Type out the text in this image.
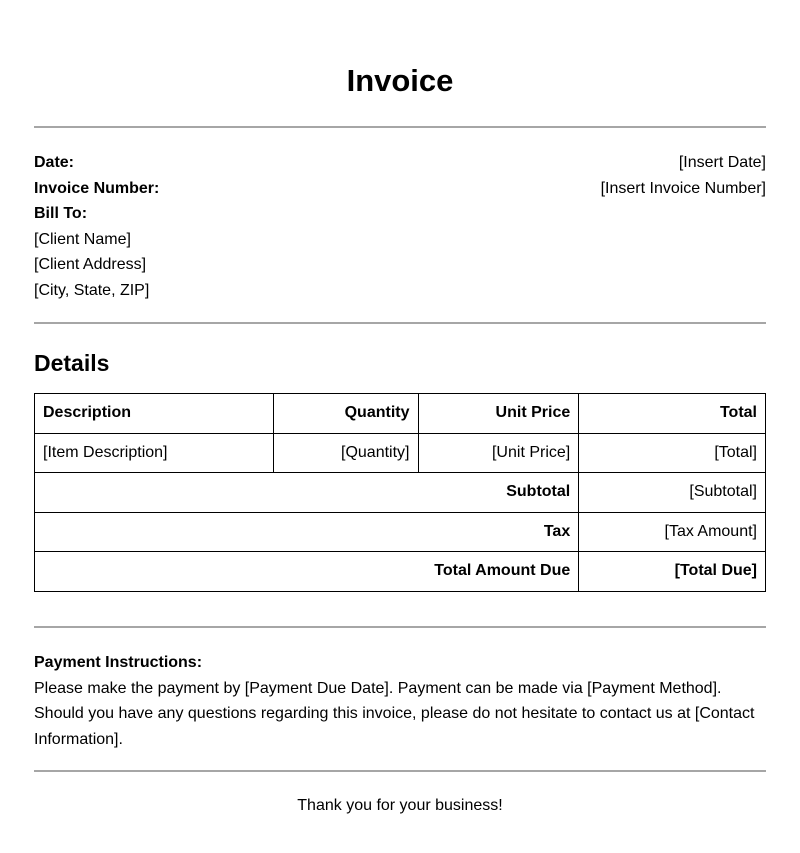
Invoice
Date:	[Insert Date]
Invoice Number:	[Insert Invoice Number]
Bill To:
[Client Name]
[Client Address]
[City, State, ZIP]
Details
Description	Quantity	Unit Price	Total
[Item Description]	[Quantity]	[Unit Price]	[Total]
Subtotal			[Subtotal]
Tax			[Tax Amount]
Total Amount Due			[Total Due]
Payment Instructions:
Please make the payment by [Payment Due Date]. Payment can be made via [Payment Method]. Should you have any questions regarding this invoice, please do not hesitate to contact us at [Contact Information].
Thank you for your business!
